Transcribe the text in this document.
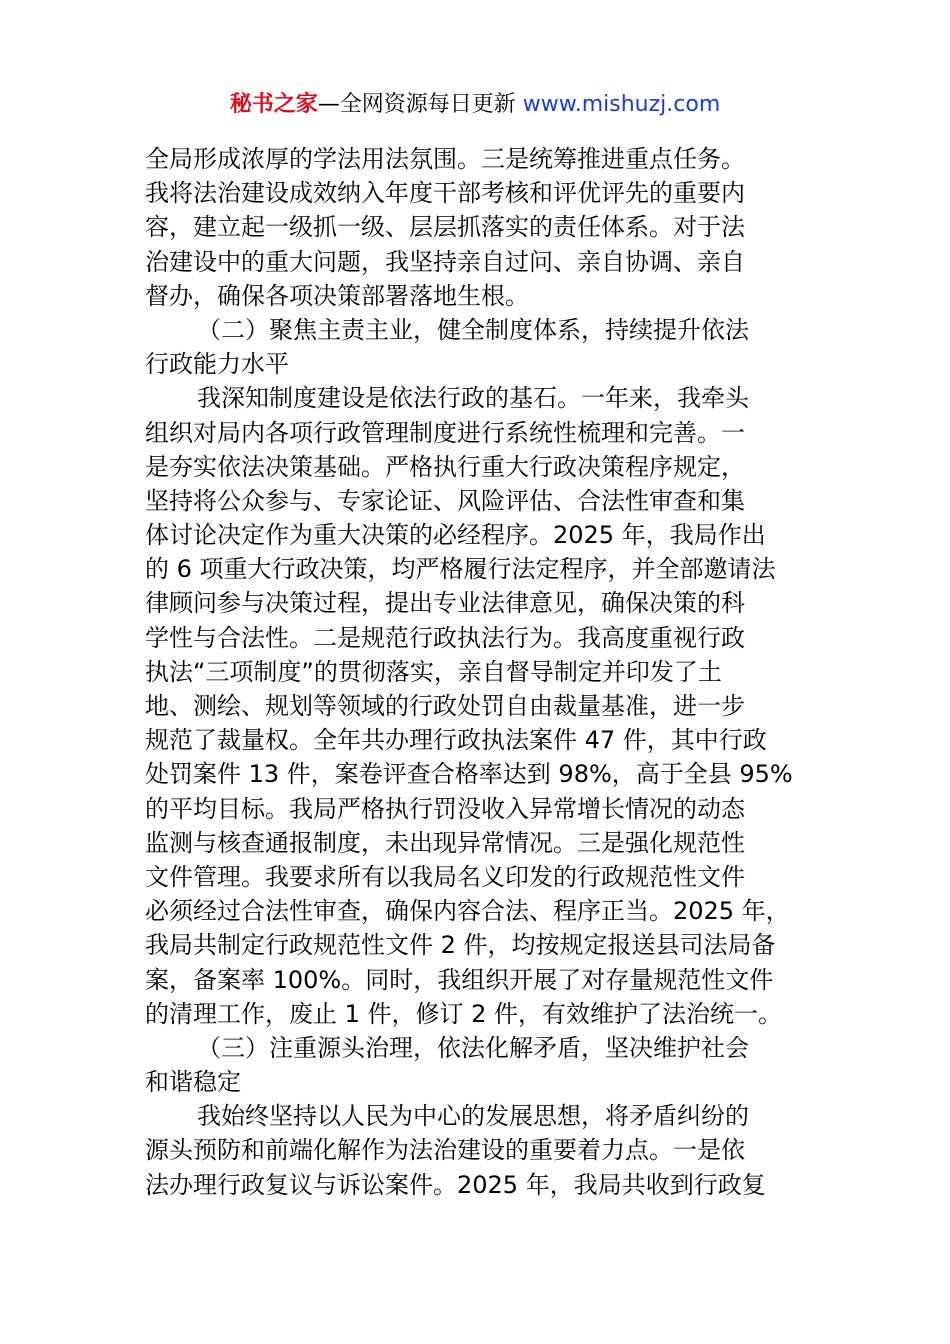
秘书之家—全网资源每日更新 www.mishuzj.com
全局形成浓厚的学法用法氛围。三是统筹推进重点任务。
我将法治建设成效纳入年度干部考核和评优评先的重要内
容，建立起一级抓一级、层层抓落实的责任体系。对于法
治建设中的重大问题，我坚持亲自过问、亲自协调、亲自
督办，确保各项决策部署落地生根。
（二）聚焦主责主业，健全制度体系，持续提升依法
行政能力水平
我深知制度建设是依法行政的基石。一年来，我牵头
组织对局内各项行政管理制度进行系统性梳理和完善。一
是夯实依法决策基础。严格执行重大行政决策程序规定，
坚持将公众参与、专家论证、风险评估、合法性审查和集
体讨论决定作为重大决策的必经程序。2025 年，我局作出
的 6 项重大行政决策，均严格履行法定程序，并全部邀请法
律顾问参与决策过程，提出专业法律意见，确保决策的科
学性与合法性。二是规范行政执法行为。我高度重视行政
执法“三项制度”的贯彻落实，亲自督导制定并印发了土
地、测绘、规划等领域的行政处罚自由裁量基准，进一步
规范了裁量权。全年共办理行政执法案件 47 件，其中行政
处罚案件 13 件，案卷评查合格率达到 98%，高于全县 95%
的平均目标。我局严格执行罚没收入异常增长情况的动态
监测与核查通报制度，未出现异常情况。三是强化规范性
文件管理。我要求所有以我局名义印发的行政规范性文件
必须经过合法性审查，确保内容合法、程序正当。2025 年，
我局共制定行政规范性文件 2 件，均按规定报送县司法局备
案，备案率 100%。同时，我组织开展了对存量规范性文件
的清理工作，废止 1 件，修订 2 件，有效维护了法治统一。
（三）注重源头治理，依法化解矛盾，坚决维护社会
和谐稳定
我始终坚持以人民为中心的发展思想，将矛盾纠纷的
源头预防和前端化解作为法治建设的重要着力点。一是依
法办理行政复议与诉讼案件。2025 年，我局共收到行政复
